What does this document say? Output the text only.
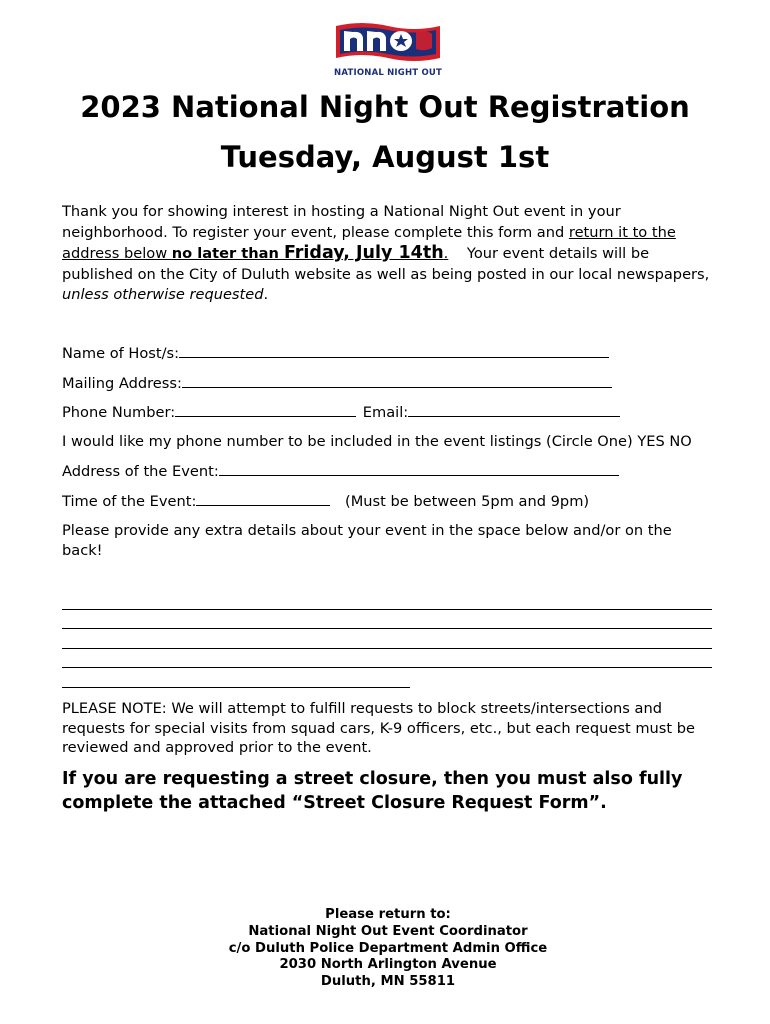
NATIONAL NIGHT OUT
2023 National Night Out Registration
Tuesday, August 1st
Thank you for showing interest in hosting a National Night Out event in your neighborhood. To register your event, please complete this form and return it to the address below no later than Friday, July 14th.    Your event details will be published on the City of Duluth website as well as being posted in our local newspapers, unless otherwise requested.
Name of Host/s:
Mailing Address:
Phone Number:	Email:
I would like my phone number to be included in the event listings (Circle One) YES NO
Address of the Event:
Time of the Event:	(Must be between 5pm and 9pm)
Please provide any extra details about your event in the space below and/or on the back!
PLEASE NOTE: We will attempt to fulfill requests to block streets/intersections and requests for special visits from squad cars, K-9 officers, etc., but each request must be reviewed and approved prior to the event.
If you are requesting a street closure, then you must also fully complete the attached “Street Closure Request Form”.
Please return to:
National Night Out Event Coordinator
c/o Duluth Police Department Admin Office
2030 North Arlington Avenue
Duluth, MN 55811
